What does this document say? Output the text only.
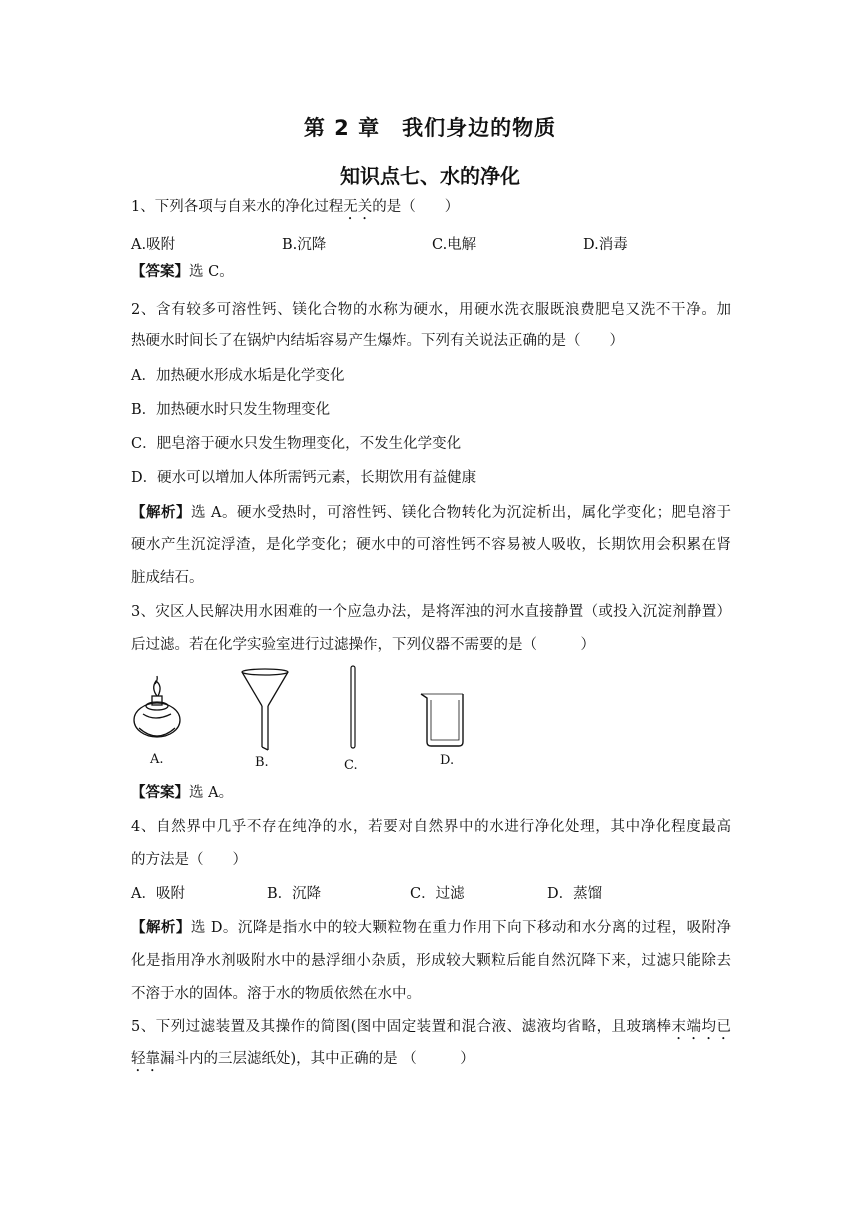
第 2 章　我们身边的物质
知识点七、水的净化
1、下列各项与自来水的净化过程无关的是（　　）
A.吸附	B.沉降	C.电解	D.消毒
【答案】选 C。
2、含有较多可溶性钙、镁化合物的水称为硬水，用硬水洗衣服既浪费肥皂又洗不干净。加
热硬水时间长了在锅炉内结垢容易产生爆炸。下列有关说法正确的是（　　）
A．加热硬水形成水垢是化学变化
B．加热硬水时只发生物理变化
C．肥皂溶于硬水只发生物理变化，不发生化学变化
D．硬水可以增加人体所需钙元素，长期饮用有益健康
【解析】选 A。硬水受热时，可溶性钙、镁化合物转化为沉淀析出，属化学变化；肥皂溶于
硬水产生沉淀浮渣，是化学变化；硬水中的可溶性钙不容易被人吸收，长期饮用会积累在肾
脏成结石。
3、灾区人民解决用水困难的一个应急办法，是将浑浊的河水直接静置（或投入沉淀剂静置）
后过滤。若在化学实验室进行过滤操作，下列仪器不需要的是（　　　）
A.	B.	C.	D.
【答案】选 A。
4、自然界中几乎不存在纯净的水，若要对自然界中的水进行净化处理，其中净化程度最高
的方法是（　　）
A．吸附	B．沉降	C．过滤	D．蒸馏
【解析】选 D。沉降是指水中的较大颗粒物在重力作用下向下移动和水分离的过程，吸附净
化是指用净水剂吸附水中的悬浮细小杂质，形成较大颗粒后能自然沉降下来，过滤只能除去
不溶于水的固体。溶于水的物质依然在水中。
5、下列过滤装置及其操作的简图(图中固定装置和混合液、滤液均省略，且玻璃棒末端均已
轻靠漏斗内的三层滤纸处)，其中正确的是 （　　　）
